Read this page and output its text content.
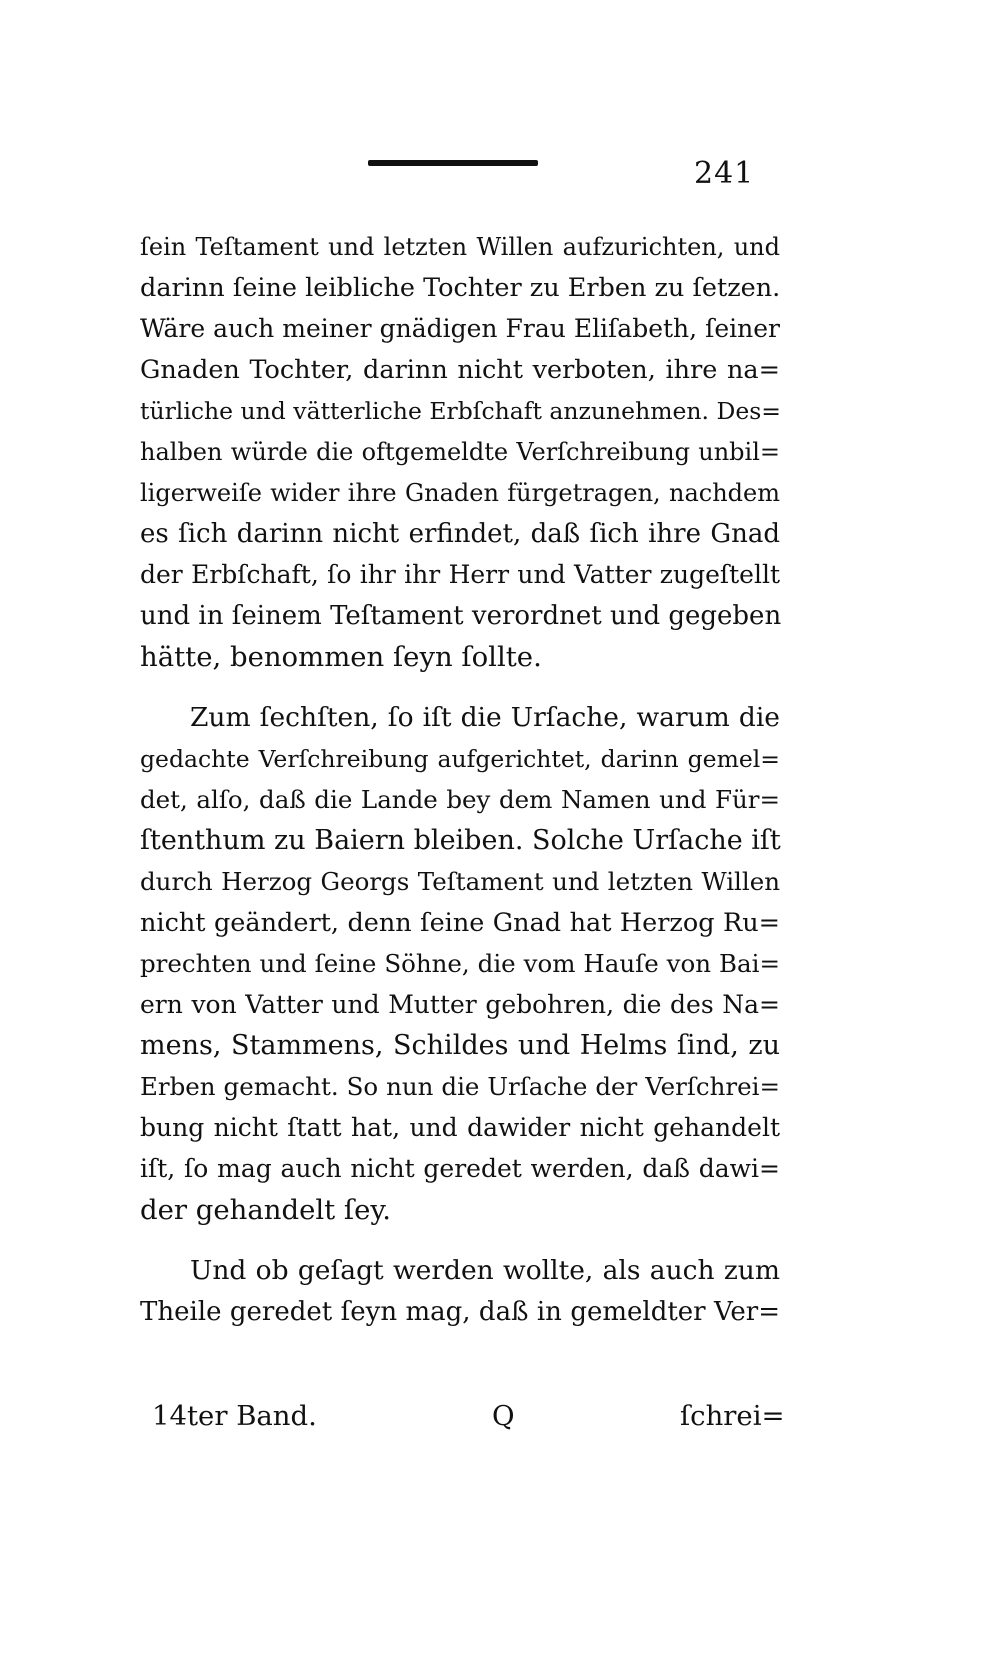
241
ſein Teſtament und letzten Willen aufzurichten, und
darinn ſeine leibliche Tochter zu Erben zu ſetzen.
Wäre auch meiner gnädigen Frau Eliſabeth, ſeiner
Gnaden Tochter, darinn nicht verboten, ihre na=
türliche und vätterliche Erbſchaft anzunehmen. Des=
halben würde die oftgemeldte Verſchreibung unbil=
ligerweiſe wider ihre Gnaden fürgetragen, nachdem
es ſich darinn nicht erfindet, daß ſich ihre Gnad
der Erbſchaft, ſo ihr ihr Herr und Vatter zugeſtellt
und in ſeinem Teſtament verordnet und gegeben
hätte, benommen ſeyn ſollte.
Zum ſechſten, ſo iſt die Urſache, warum die
gedachte Verſchreibung aufgerichtet, darinn gemel=
det, alſo, daß die Lande bey dem Namen und Für=
ſtenthum zu Baiern bleiben. Solche Urſache iſt
durch Herzog Georgs Teſtament und letzten Willen
nicht geändert, denn ſeine Gnad hat Herzog Ru=
prechten und ſeine Söhne, die vom Hauſe von Bai=
ern von Vatter und Mutter gebohren, die des Na=
mens, Stammens, Schildes und Helms ſind, zu
Erben gemacht. So nun die Urſache der Verſchrei=
bung nicht ſtatt hat, und dawider nicht gehandelt
iſt, ſo mag auch nicht geredet werden, daß dawi=
der gehandelt ſey.
Und ob geſagt werden wollte, als auch zum
Theile geredet ſeyn mag, daß in gemeldter Ver=
14ter Band.	Q	ſchrei=
